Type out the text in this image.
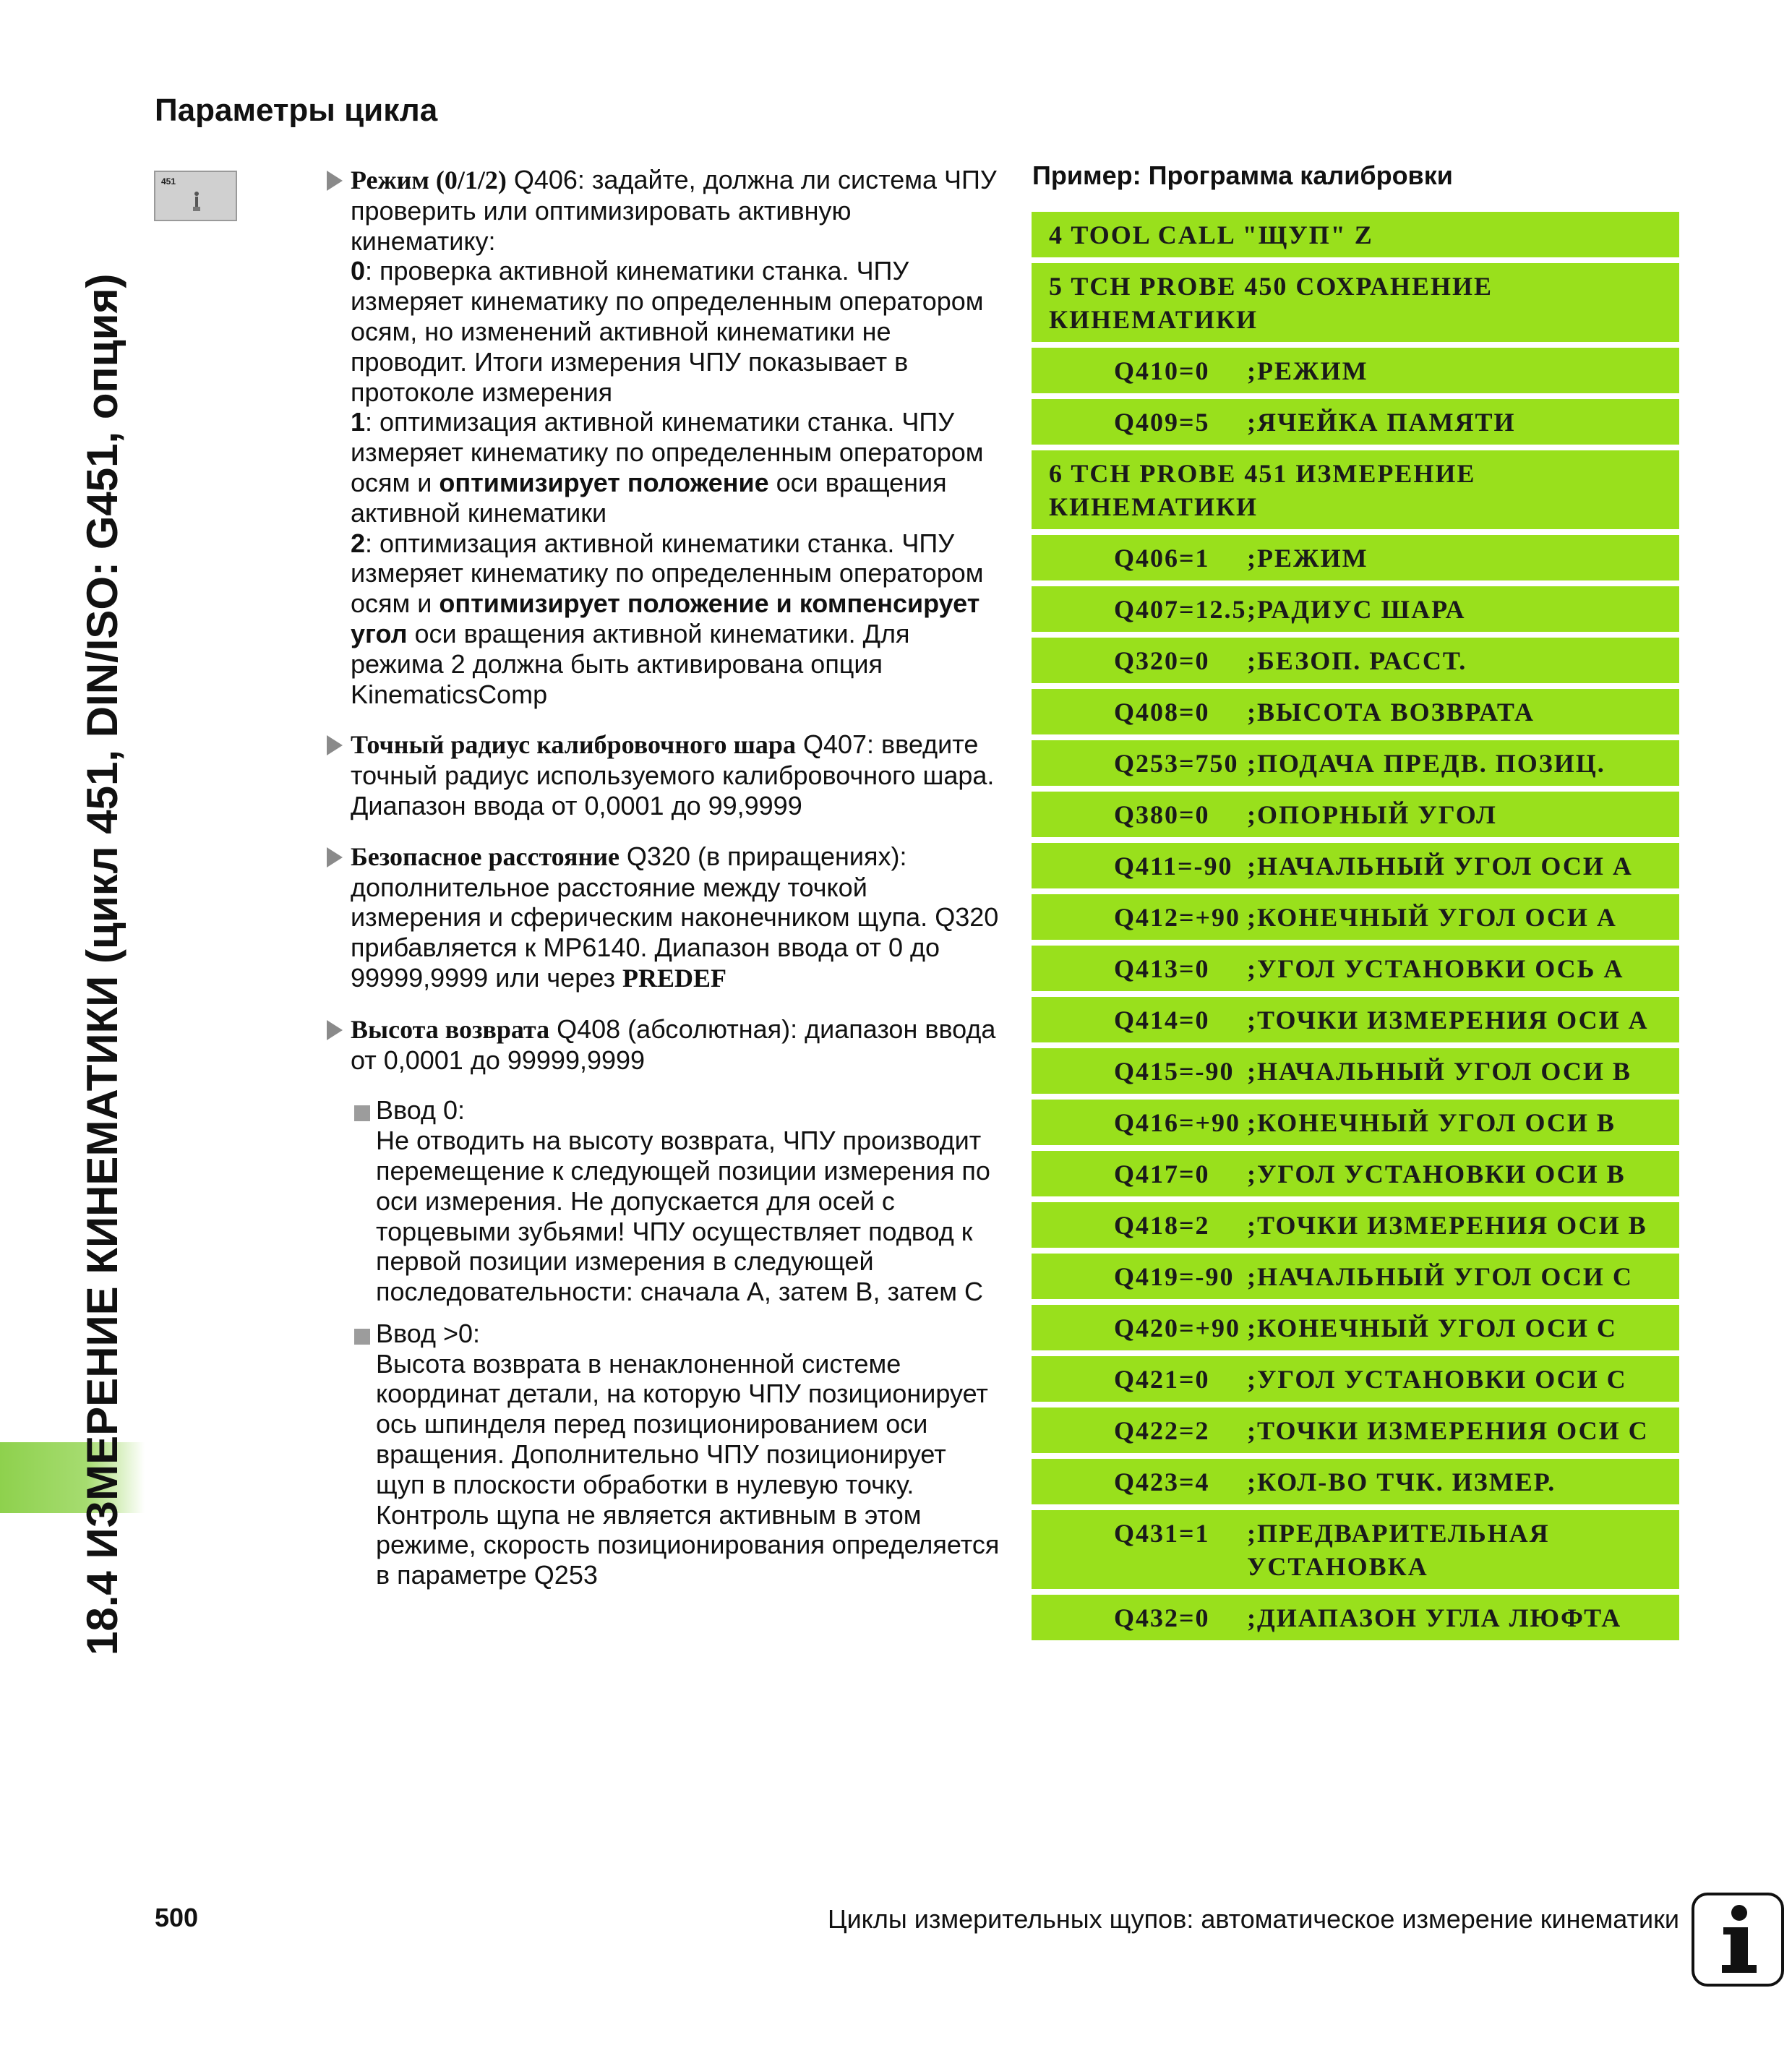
18.4 ИЗМЕРЕНИЕ КИНЕМАТИКИ (цикл 451, DIN/ISO: G451, опция)
Параметры цикла
451	Режим (0/1/2) Q406: задайте, должна ли система ЧПУ проверить или оптимизировать активную кинематику:
0: проверка активной кинематики станка. ЧПУ измеряет кинематику по определенным оператором осям, но изменений активной кинематики не проводит. Итоги измерения ЧПУ показывает в протоколе измерения
1: оптимизация активной кинематики станка. ЧПУ измеряет кинематику по определенным оператором осям и оптимизирует положение оси вращения активной кинематики
2: оптимизация активной кинематики станка. ЧПУ измеряет кинематику по определенным оператором осям и оптимизирует положение и компенсирует угол оси вращения активной кинематики. Для режима 2 должна быть активирована опция KinematicsComp
Точный радиус калибровочного шара Q407: введите точный радиус используемого калибровочного шара. Диапазон ввода от 0,0001 до 99,9999
Безопасное расстояние Q320 (в приращениях): дополнительное расстояние между точкой измерения и сферическим наконечником щупа. Q320 прибавляется к MP6140. Диапазон ввода от 0 до 99999,9999 или через PREDEF
Высота возврата Q408 (абсолютная): диапазон ввода от 0,0001 до 99999,9999
Ввод 0:
Не отводить на высоту возврата, ЧПУ производит перемещение к следующей позиции измерения по оси измерения. Не допускается для осей с торцевыми зубьями! ЧПУ осуществляет подвод к первой позиции измерения в следующей последовательности: сначала A, затем B, затем C
Ввод >0:
Высота возврата в ненаклоненной системе координат детали, на которую ЧПУ позиционирует ось шпинделя перед позиционированием оси вращения. Дополнительно ЧПУ позиционирует щуп в плоскости обработки в нулевую точку. Контроль щупа не является активным в этом режиме, скорость позиционирования определяется в параметре Q253
Пример: Программа калибровки
4 TOOL CALL "ЩУП" Z
5 TCH PROBE 450 СОХРАНЕНИЕ КИНЕМАТИКИ
Q410=0	;РЕЖИМ
Q409=5	;ЯЧЕЙКА ПАМЯТИ
6 TCH PROBE 451 ИЗМЕРЕНИЕ КИНЕМАТИКИ
Q406=1	;РЕЖИМ
Q407=12.5 ;РАДИУС ШАРА
Q320=0	;БЕЗОП. РАССТ.
Q408=0	;ВЫСОТА ВОЗВРАТА
Q253=750 ;ПОДАЧА ПРЕДВ. ПОЗИЦ.
Q380=0	;ОПОРНЫЙ УГОЛ
Q411=-90 ;НАЧАЛЬНЫЙ УГОЛ ОСИ A
Q412=+90 ;КОНЕЧНЫЙ УГОЛ ОСИ A
Q413=0	;УГОЛ УСТАНОВКИ ОСЬ A
Q414=0	;ТОЧКИ ИЗМЕРЕНИЯ ОСИ A
Q415=-90 ;НАЧАЛЬНЫЙ УГОЛ ОСИ B
Q416=+90 ;КОНЕЧНЫЙ УГОЛ ОСИ B
Q417=0	;УГОЛ УСТАНОВКИ ОСИ B
Q418=2	;ТОЧКИ ИЗМЕРЕНИЯ ОСИ B
Q419=-90 ;НАЧАЛЬНЫЙ УГОЛ ОСИ C
Q420=+90 ;КОНЕЧНЫЙ УГОЛ ОСИ C
Q421=0	;УГОЛ УСТАНОВКИ ОСИ C
Q422=2	;ТОЧКИ ИЗМЕРЕНИЯ ОСИ C
Q423=4	;КОЛ-ВО ТЧК. ИЗМЕР.
Q431=1	;ПРЕДВАРИТЕЛЬНАЯ УСТАНОВКА
Q432=0	;ДИАПАЗОН УГЛА ЛЮФТА
500	Циклы измерительных щупов: автоматическое измерение кинематики
